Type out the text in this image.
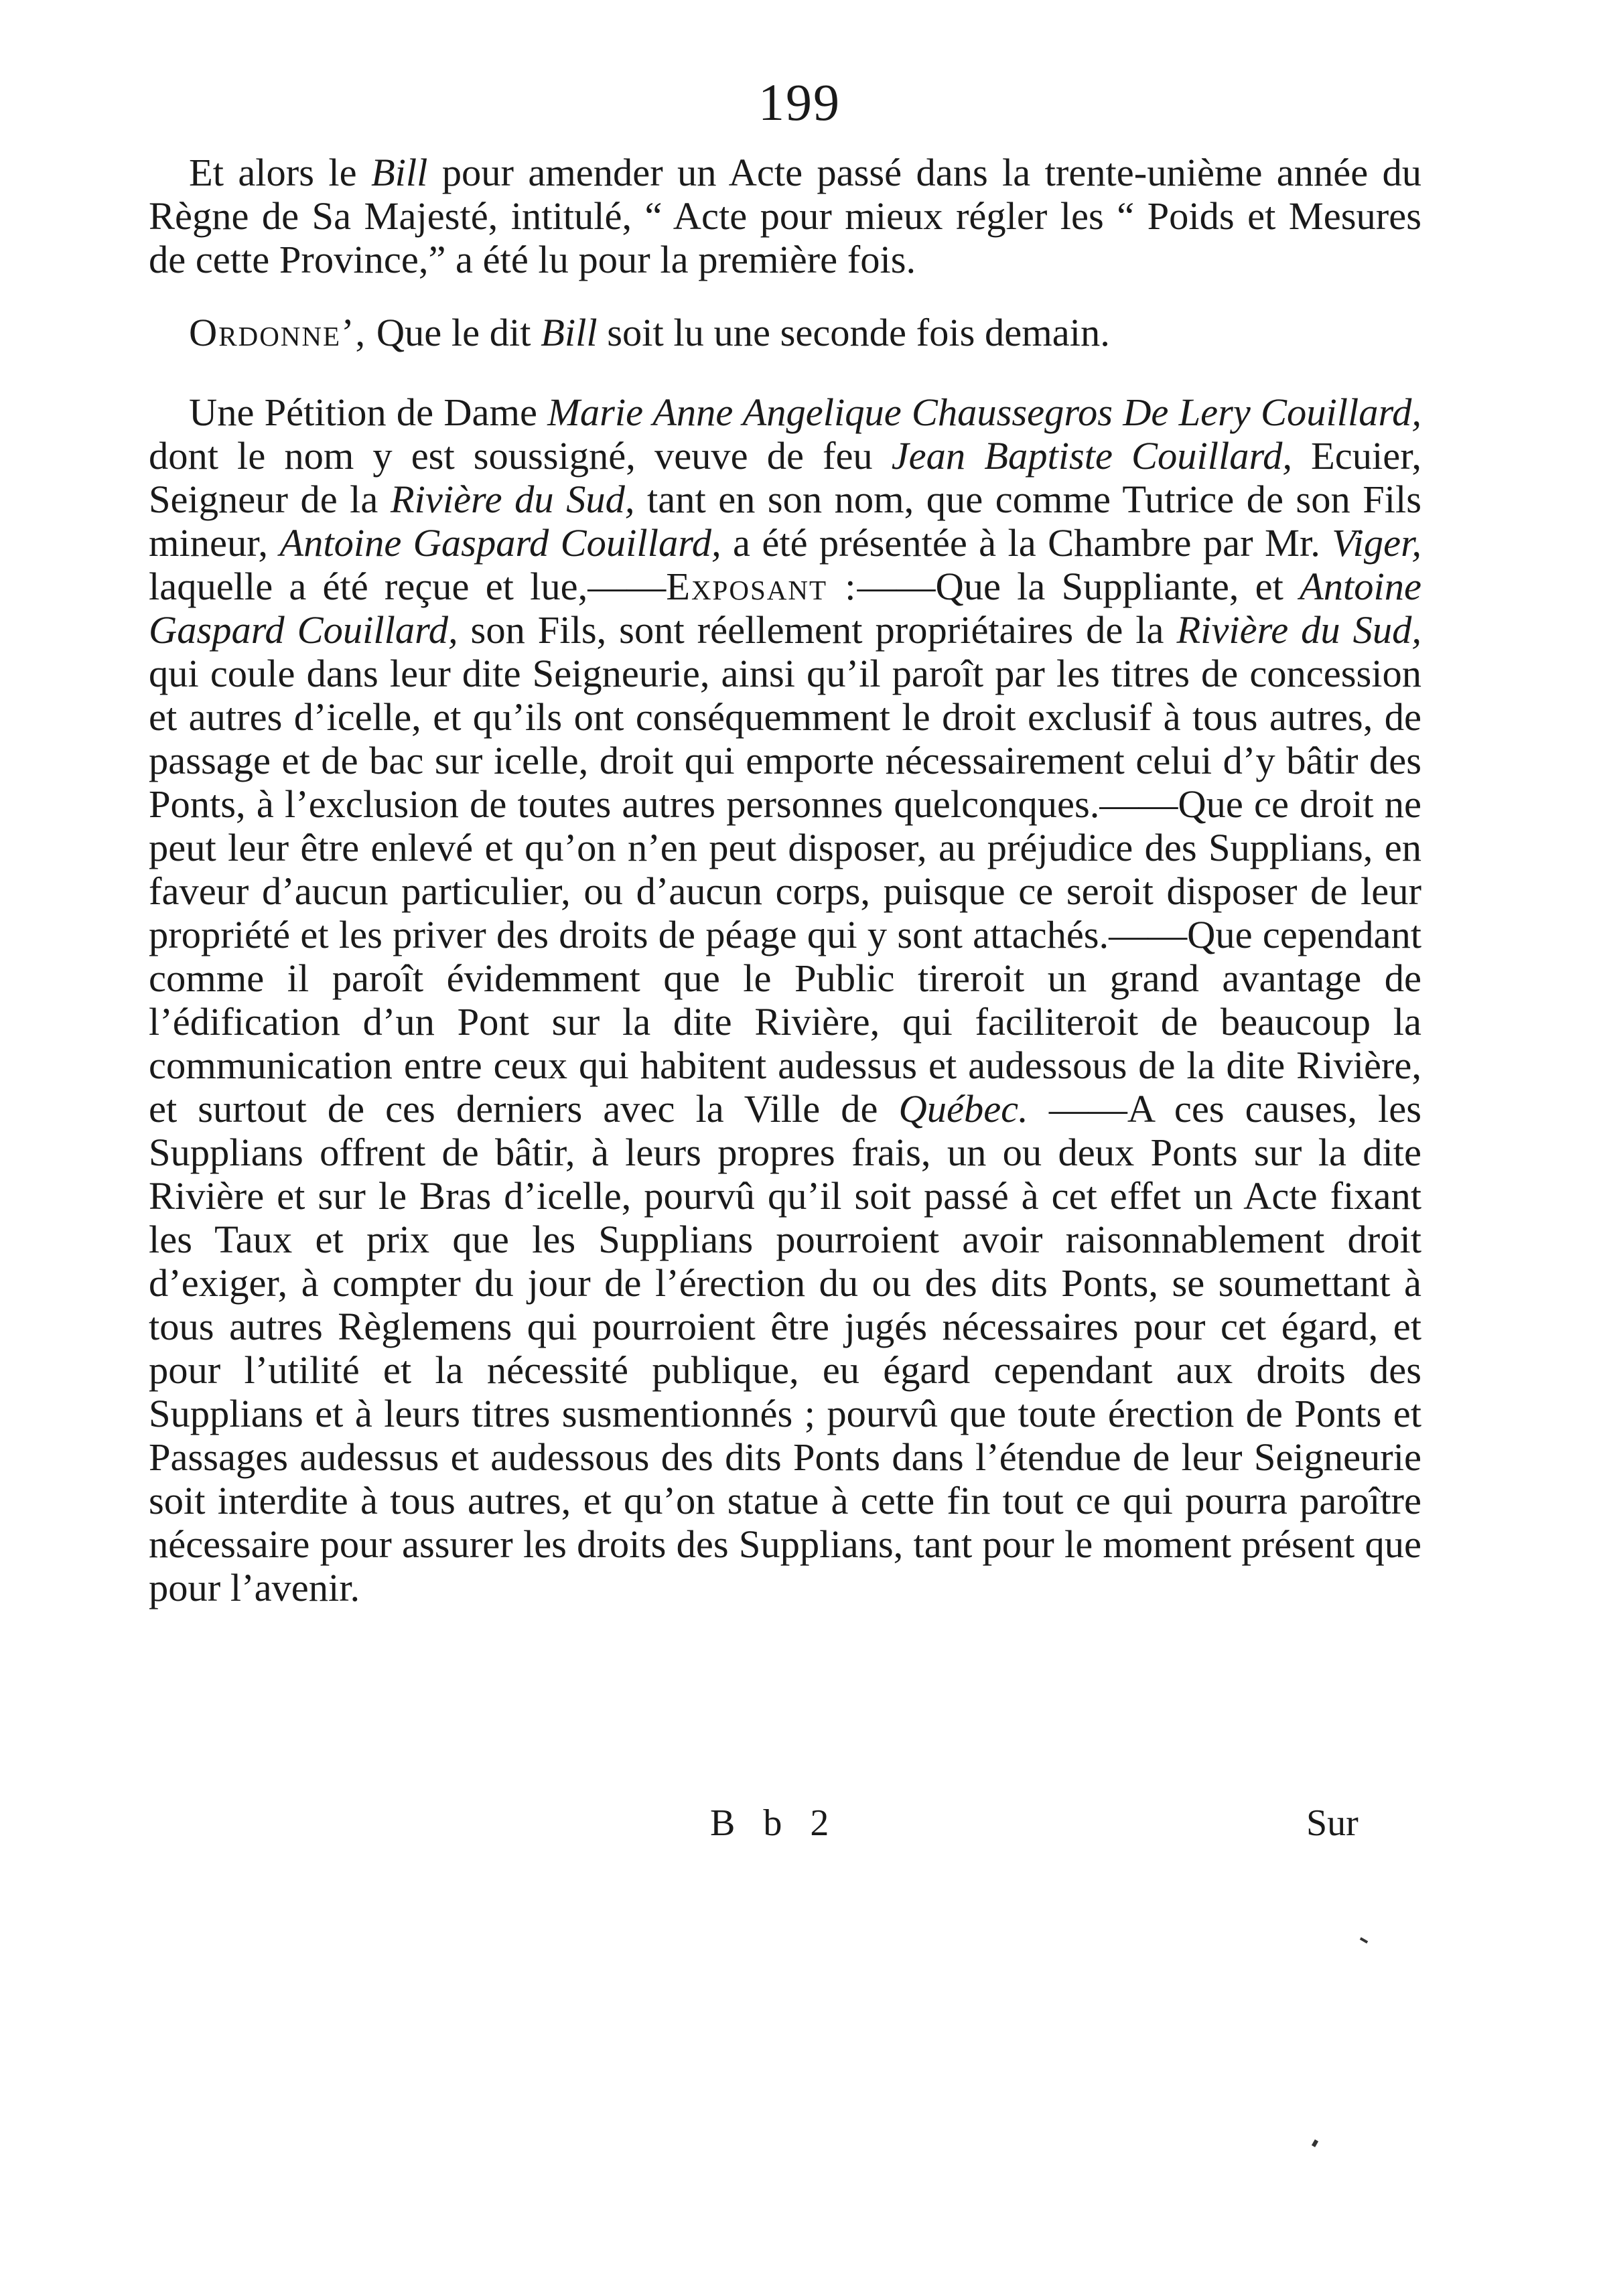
199

Et alors le Bill pour amender un Acte passé dans la trente-unième année du Règne de Sa Majesté, intitulé, “ Acte pour mieux régler les “ Poids et Mesures de cette Province,” a été lu pour la première fois.

Ordonne’, Que le dit Bill soit lu une seconde fois demain.

Une Pétition de Dame Marie Anne Angelique Chaussegros De Lery Couillard, dont le nom y est soussigné, veuve de feu Jean Baptiste Couillard, Ecuier, Seigneur de la Rivière du Sud, tant en son nom, que comme Tutrice de son Fils mineur, Antoine Gaspard Couillard, a été présentée à la Chambre par Mr. Viger, laquelle a été reçue et lue,——Exposant :——Que la Suppliante, et Antoine Gaspard Couillard, son Fils, sont réellement propriétaires de la Rivière du Sud, qui coule dans leur dite Seigneurie, ainsi qu’il paroît par les titres de concession et autres d’icelle, et qu’ils ont conséquemment le droit exclusif à tous autres, de passage et de bac sur icelle, droit qui emporte nécessairement celui d’y bâtir des Ponts, à l’exclusion de toutes autres personnes quelconques.——Que ce droit ne peut leur être enlevé et qu’on n’en peut disposer, au préjudice des Supplians, en faveur d’aucun particulier, ou d’aucun corps, puisque ce seroit disposer de leur propriété et les priver des droits de péage qui y sont attachés.——Que cependant comme il paroît évidemment que le Public tireroit un grand avantage de l’édification d’un Pont sur la dite Rivière, qui faciliteroit de beaucoup la communication entre ceux qui habitent audessus et audessous de la dite Rivière, et surtout de ces derniers avec la Ville de Québec. ——A ces causes, les Supplians offrent de bâtir, à leurs propres frais, un ou deux Ponts sur la dite Rivière et sur le Bras d’icelle, pourvû qu’il soit passé à cet effet un Acte fixant les Taux et prix que les Supplians pourroient avoir raisonnablement droit d’exiger, à compter du jour de l’érection du ou des dits Ponts, se soumettant à tous autres Règlemens qui pourroient être jugés nécessaires pour cet égard, et pour l’utilité et la nécessité publique, eu égard cependant aux droits des Supplians et à leurs titres susmentionnés ; pourvû que toute érection de Ponts et Passages audessus et audessous des dits Ponts dans l’étendue de leur Seigneurie soit interdite à tous autres, et qu’on statue à cette fin tout ce qui pourra paroître nécessaire pour assurer les droits des Supplians, tant pour le moment présent que pour l’avenir.

B b 2	Sur
